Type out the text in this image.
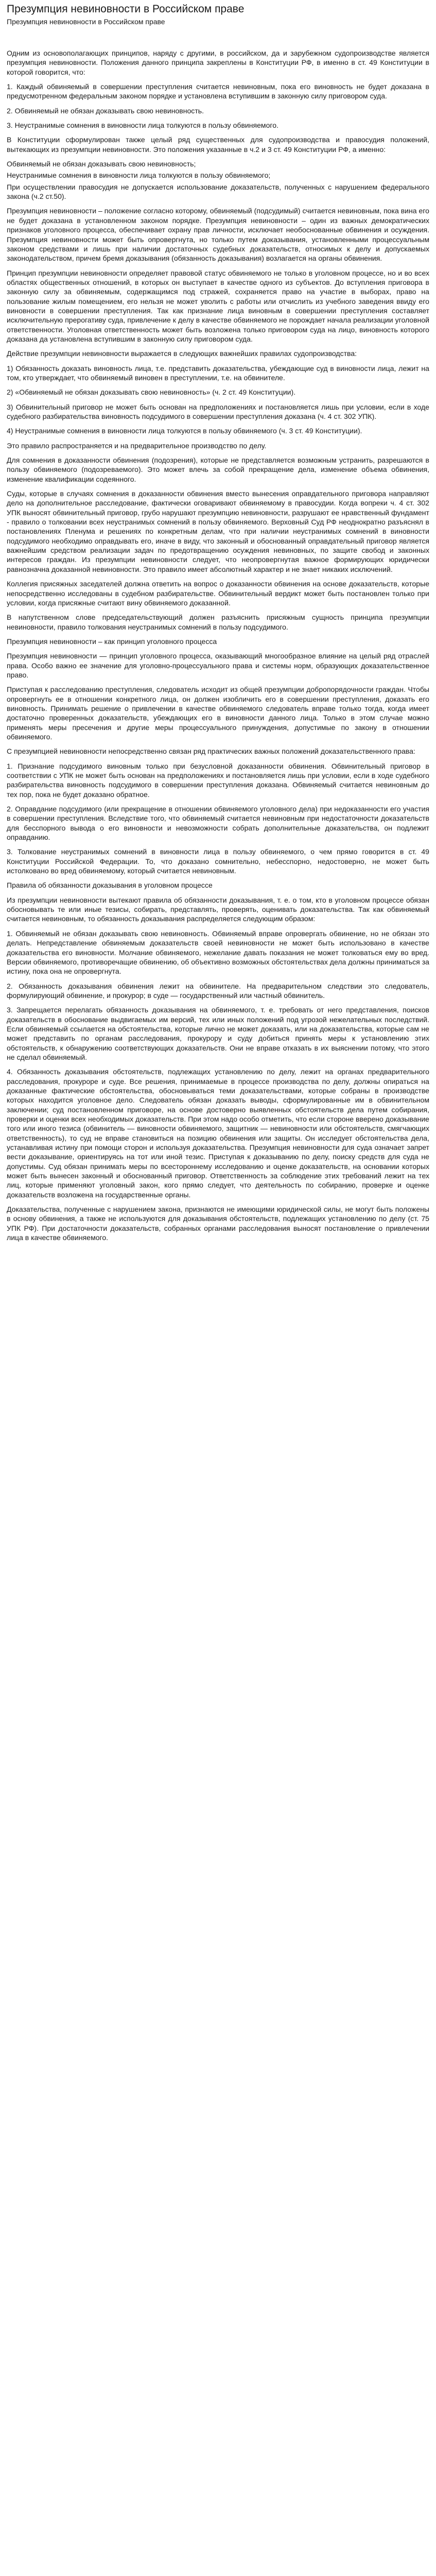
Презумпция невиновности в Российском праве
Презумпция невиновности в Российском праве

Одним из основополагающих принципов, наряду с другими, в российском, да и зарубежном судопроизводстве является презумпция невиновности. Положения данного принципа закреплены в Конституции РФ, в именно в ст. 49 Конституции в которой говорится, что:

1. Каждый обвиняемый в совершении преступления считается невиновным, пока его виновность не будет доказана в предусмотренном федеральным законом порядке и установлена вступившим в законную силу приговором суда.

2. Обвиняемый не обязан доказывать свою невиновность.

3. Неустранимые сомнения в виновности лица толкуются в пользу обвиняемого.

В Конституции сформулирован также целый ряд существенных для судопроизводства и правосудия положений, вытекающих из презумпции невиновности. Это положения указанные в ч.2 и 3 ст. 49 Конституции РФ, а именно:

Обвиняемый не обязан доказывать свою невиновность;

Неустранимые сомнения в виновности лица толкуются в пользу обвиняемого;

При осуществлении правосудия не допускается использование доказательств, полученных с нарушением федерального закона (ч.2 ст.50).

Презумпция невиновности – положение согласно которому, обвиняемый (подсудимый) считается невиновным, пока вина его не будет доказана в установленном законом порядке. Презумпция невиновности – один из важных демократических признаков уголовного процесса, обеспечивает охрану прав личности, исключает необоснованные обвинения и осуждения. Презумпция невиновности может быть опровергнута, но только путем доказывания, установленными процессуальным законом средствами и лишь при наличии достаточных судебных доказательств, относимых к делу и допускаемых законодательством, причем бремя доказывания (обязанность доказывания) возлагается на органы обвинения.

Принцип презумпции невиновности определяет правовой статус обвиняемого не только в уголовном процессе, но и во всех областях общественных отношений, в которых он выступает в качестве одного из субъектов. До вступления приговора в законную силу за обвиняемым, содержащимся под стражей, сохраняется право на участие в выборах, право на пользование жилым помещением, его нельзя не может уволить с работы или отчислить из учебного заведения ввиду его виновности в совершении преступления. Так как признание лица виновным в совершении преступления составляет исключительную прерогативу суда, привлечение к делу в качестве обвиняемого не порождает начала реализации уголовной ответственности. Уголовная ответственность может быть возложена только приговором суда на лицо, виновность которого доказана да установлена вступившим в законную силу приговором суда.

Действие презумпции невиновности выражается в следующих важнейших правилах судопроизводства:

1) Обязанность доказать виновность лица, т.е. представить доказательства, убеждающие суд в виновности лица, лежит на том, кто утверждает, что обвиняемый виновен в преступлении, т.е. на обвинителе.

2) «Обвиняемый не обязан доказывать свою невиновность» (ч. 2 ст. 49 Конституции).

3) Обвинительный приговор не может быть основан на предположениях и постановляется лишь при условии, если в ходе судебного разбирательства виновность подсудимого в совершении преступления доказана (ч. 4 ст. 302 УПК).

4) Неустранимые сомнения в виновности лица толкуются в пользу обвиняемого (ч. 3 ст. 49 Конституции).

Это правило распространяется и на предварительное производство по делу.

Для сомнения в доказанности обвинения (подозрения), которые не представляется возможным устранить, разрешаются в пользу обвиняемого (подозреваемого). Это может влечь за собой прекращение дела, изменение объема обвинения, изменение квалификации содеянного.

Суды, которые в случаях сомнения в доказанности обвинения вместо вынесения оправдательного приговора направляют дело на дополнительное расследование, фактически оговаривают обвиняемому в правосудии. Когда вопреки ч. 4 ст. 302 УПК выносят обвинительный приговор, грубо нарушают презумпцию невиновности, разрушают ее нравственный фундамент - правило о толковании всех неустранимых сомнений в пользу обвиняемого. Верховный Суд РФ неоднократно разъяснял в постановлениях Пленума и решениях по конкретным делам, что при наличии неустранимых сомнений в виновности подсудимого необходимо оправдывать его, иначе в виду, что законный и обоснованный оправдательный приговор является важнейшим средством реализации задач по предотвращению осуждения невиновных, по защите свобод и законных интересов граждан. Из презумпции невиновности следует, что неопровергнутая важное формирующих юридически равнозначна доказанной невиновности. Это правило имеет абсолютный характер и не знает никаких исключений.

Коллегия присяжных заседателей должна ответить на вопрос о доказанности обвинения на основе доказательств, которые непосредственно исследованы в судебном разбирательстве. Обвинительный вердикт может быть постановлен только при условии, когда присяжные считают вину обвиняемого доказанной.

В напутственном слове председательствующий должен разъяснить присяжным сущность принципа презумпции невиновности, правило толкования неустранимых сомнений в пользу подсудимого.

Презумпция невиновности – как принцип уголовного процесса

Презумпция невиновности — принцип уголовного процесса, оказывающий многообразное влияние на целый ряд отраслей права. Особо важно ее значение для уголовно-процессуального права и системы норм, образующих доказательственное право.

Приступая к расследованию преступления, следователь исходит из общей презумпции добропорядочности граждан. Чтобы опровергнуть ее в отношении конкретного лица, он должен изобличить его в совершении преступления, доказать его виновность. Принимать решение о привлечении в качестве обвиняемого следователь вправе только тогда, когда имеет достаточно проверенных доказательств, убеждающих его в виновности данного лица. Только в этом случае можно применять меры пресечения и другие меры процессуального принуждения, допустимые по закону в отношении обвиняемого.

С презумпцией невиновности непосредственно связан ряд практических важных положений доказательственного права:

1. Признание подсудимого виновным только при безусловной доказанности обвинения. Обвинительный приговор в соответствии с УПК не может быть основан на предположениях и постановляется лишь при условии, если в ходе судебного разбирательства виновность подсудимого в совершении преступления доказана. Обвиняемый считается невиновным до тех пор, пока не будет доказано обратное.

2. Оправдание подсудимого (или прекращение в отношении обвиняемого уголовного дела) при недоказанности его участия в совершении преступления. Вследствие того, что обвиняемый считается невиновным при недостаточности доказательств для бесспорного вывода о его виновности и невозможности собрать дополнительные доказательства, он подлежит оправданию.

3. Толкование неустранимых сомнений в виновности лица в пользу обвиняемого, о чем прямо говорится в ст. 49 Конституции Российской Федерации. То, что доказано сомнительно, небесспорно, недостоверно, не может быть истолковано во вред обвиняемому, который считается невиновным.

Правила об обязанности доказывания в уголовном процессе

Из презумпции невиновности вытекают правила об обязанности доказывания, т. е. о том, кто в уголовном процессе обязан обосновывать те или иные тезисы, собирать, представлять, проверять, оценивать доказательства. Так как обвиняемый считается невиновным, то обязанность доказывания распределяется следующим образом:

1. Обвиняемый не обязан доказывать свою невиновность. Обвиняемый вправе опровергать обвинение, но не обязан это делать. Непредставление обвиняемым доказательств своей невиновности не может быть использовано в качестве доказательства его виновности. Молчание обвиняемого, нежелание давать показания не может толковаться ему во вред. Версии обвиняемого, противоречащие обвинению, об объективно возможных обстоятельствах дела должны приниматься за истину, пока она не опровергнута.

2. Обязанность доказывания обвинения лежит на обвинителе. На предварительном следствии это следователь, формулирующий обвинение, и прокурор; в суде — государственный или частный обвинитель.

3. Запрещается перелагать обязанность доказывания на обвиняемого, т. е. требовать от него представления, поисков доказательств в обоснование выдвигаемых им версий, тех или иных положений под угрозой нежелательных последствий. Если обвиняемый ссылается на обстоятельства, которые лично не может доказать, или на доказательства, которые сам не может представить по органам расследования, прокурору и суду добиться принять меры к установлению этих обстоятельств, к обнаружению соответствующих доказательств. Они не вправе отказать в их выяснении потому, что этого не сделал обвиняемый.

4. Обязанность доказывания обстоятельств, подлежащих установлению по делу, лежит на органах предварительного расследования, прокуроре и суде. Все решения, принимаемые в процессе производства по делу, должны опираться на доказанные фактические обстоятельства, обосновываться теми доказательствами, которые собраны в производстве которых находится уголовное дело. Следователь обязан доказать выводы, сформулированные им в обвинительном заключении; суд постановленном приговоре, на основе достоверно выявленных обстоятельств дела путем собирания, проверки и оценки всех необходимых доказательств. При этом надо особо отметить, что если стороне вверено доказывание того или иного тезиса (обвинитель — виновности обвиняемого, защитник — невиновности или обстоятельств, смягчающих ответственность), то суд не вправе становиться на позицию обвинения или защиты. Он исследует обстоятельства дела, устанавливая истину при помощи сторон и используя доказательства. Презумпция невиновности для суда означает запрет вести доказывание, ориентируясь на тот или иной тезис. Приступая к доказыванию по делу, поиску средств для суда не допустимы. Суд обязан принимать меры по всестороннему исследованию и оценке доказательств, на основании которых может быть вынесен законный и обоснованный приговор. Ответственность за соблюдение этих требований лежит на тех лиц, которые применяют уголовный закон, кого прямо следует, что деятельность по собиранию, проверке и оценке доказательств возложена на государственные органы.

Доказательства, полученные с нарушением закона, признаются не имеющими юридической силы, не могут быть положены в основу обвинения, а также не используются для доказывания обстоятельств, подлежащих установлению по делу (ст. 75 УПК РФ). При достаточности доказательств, собранных органами расследования выносят постановление о привлечении лица в качестве обвиняемого.
